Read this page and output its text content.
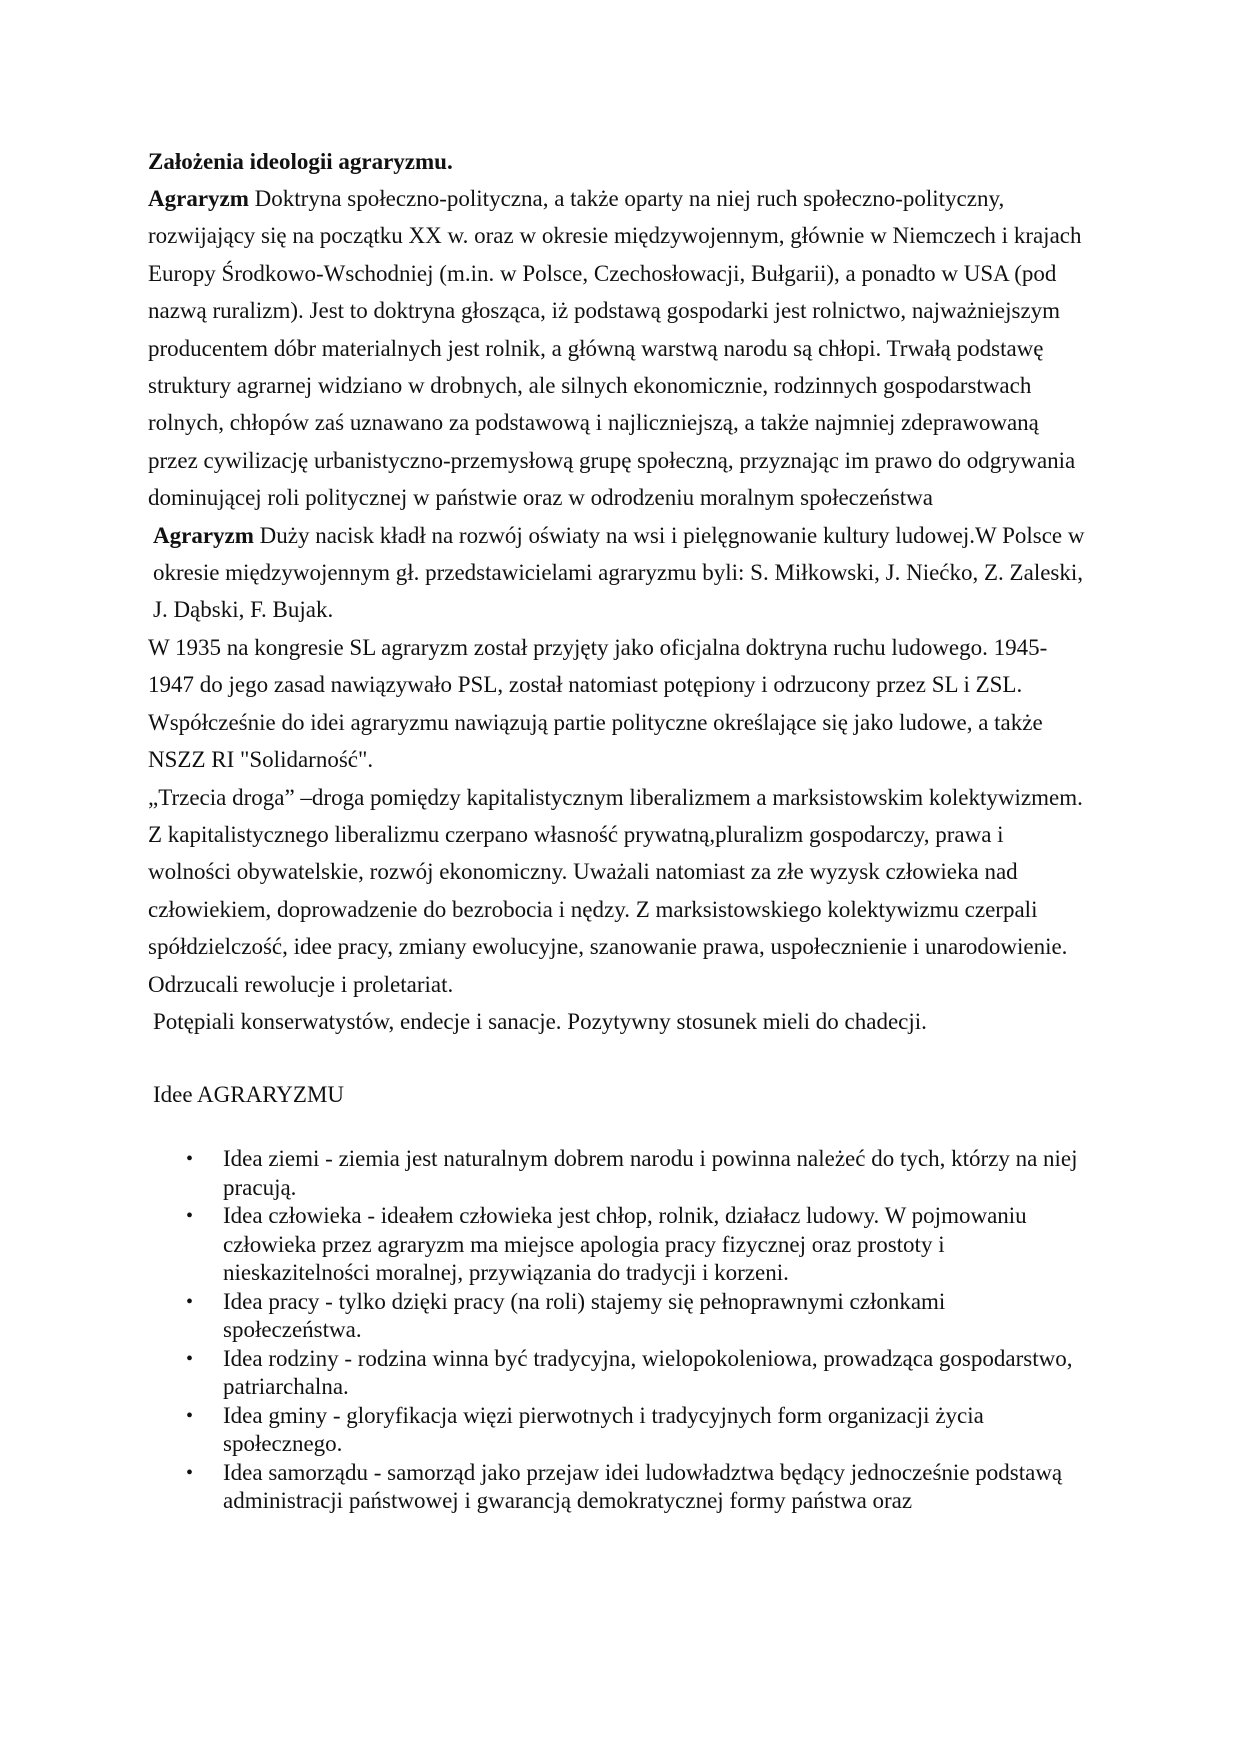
Założenia ideologii agraryzmu.

Agraryzm Doktryna społeczno-polityczna, a także oparty na niej ruch społeczno-polityczny, rozwijający się na początku XX w. oraz w okresie międzywojennym, głównie w Niemczech i krajach Europy Środkowo-Wschodniej (m.in. w Polsce, Czechosłowacji, Bułgarii), a ponadto w USA (pod nazwą ruralizm). Jest to doktryna głosząca, iż podstawą gospodarki jest rolnictwo, najważniejszym producentem dóbr materialnych jest rolnik, a główną warstwą narodu są chłopi. Trwałą podstawę struktury agrarnej widziano w drobnych, ale silnych ekonomicznie, rodzinnych gospodarstwach rolnych, chłopów zaś uznawano za podstawową i najliczniejszą, a także najmniej zdeprawowaną przez cywilizację urbanistyczno-przemysłową grupę społeczną, przyznając im prawo do odgrywania dominującej roli politycznej w państwie oraz w odrodzeniu moralnym społeczeństwa

Agraryzm Duży nacisk kładł na rozwój oświaty na wsi i pielęgnowanie kultury ludowej.W Polsce w okresie międzywojennym gł. przedstawicielami agraryzmu byli: S. Miłkowski, J. Niećko, Z. Zaleski, J. Dąbski, F. Bujak.

W 1935 na kongresie SL agraryzm został przyjęty jako oficjalna doktryna ruchu ludowego. 1945-1947 do jego zasad nawiązywało PSL, został natomiast potępiony i odrzucony przez SL i ZSL. Współcześnie do idei agraryzmu nawiązują partie polityczne określające się jako ludowe, a także NSZZ RI "Solidarność".

„Trzecia droga” –droga pomiędzy kapitalistycznym liberalizmem a marksistowskim kolektywizmem. Z kapitalistycznego liberalizmu czerpano własność prywatną,pluralizm gospodarczy, prawa i wolności obywatelskie, rozwój ekonomiczny. Uważali natomiast za złe wyzysk człowieka nad człowiekiem, doprowadzenie do bezrobocia i nędzy. Z marksistowskiego kolektywizmu czerpali spółdzielczość, idee pracy, zmiany ewolucyjne, szanowanie prawa, uspołecznienie i unarodowienie. Odrzucali rewolucje i proletariat.

Potępiali konserwatystów, endecje i sanacje. Pozytywny stosunek mieli do chadecji.

Idee AGRARYZMU

• Idea ziemi - ziemia jest naturalnym dobrem narodu i powinna należeć do tych, którzy na niej pracują.
• Idea człowieka - ideałem człowieka jest chłop, rolnik, działacz ludowy. W pojmowaniu człowieka przez agraryzm ma miejsce apologia pracy fizycznej oraz prostoty i nieskazitelności moralnej, przywiązania do tradycji i korzeni.
• Idea pracy - tylko dzięki pracy (na roli) stajemy się pełnoprawnymi członkami społeczeństwa.
• Idea rodziny - rodzina winna być tradycyjna, wielopokoleniowa, prowadząca gospodarstwo, patriarchalna.
• Idea gminy - gloryfikacja więzi pierwotnych i tradycyjnych form organizacji życia społecznego.
• Idea samorządu - samorząd jako przejaw idei ludowładztwa będący jednocześnie podstawą administracji państwowej i gwarancją demokratycznej formy państwa oraz
